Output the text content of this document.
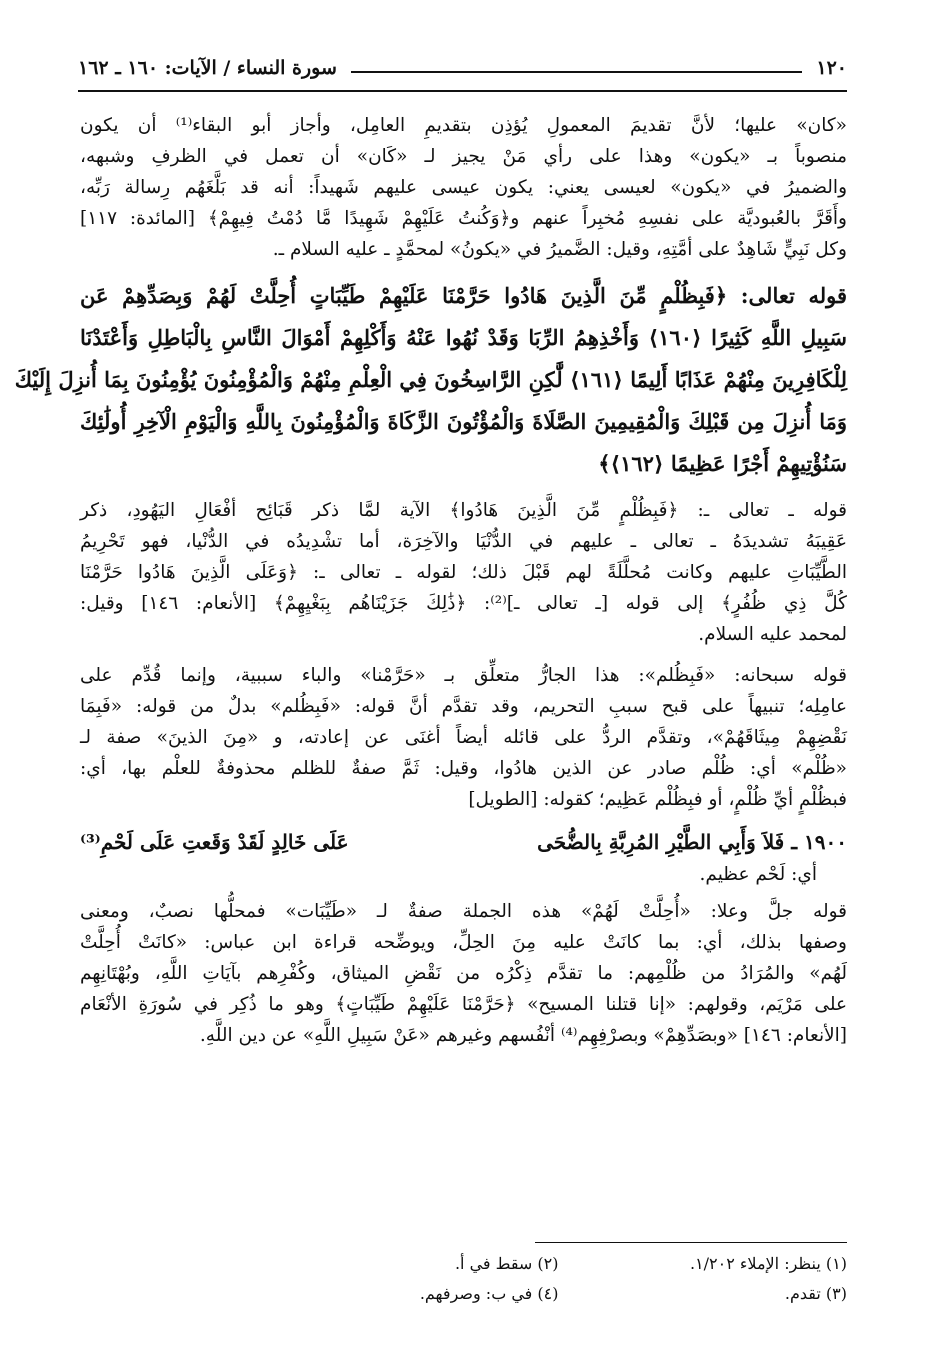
١٢٠
سورة النساء / الآيات: ١٦٠ ـ ١٦٢

«كان» عليها؛ لأنَّ تقديمَ المعمولِ يُؤذِن بتقديمِ العامِل، وأجاز أبو البقاء⁽¹⁾ أن يكون
منصوباً بـ «يكون» وهذا على رأي مَنْ يجيز لـ «كَان» أن تعمل في الظرفِ وشبهه،
والضميرُ في «يكون» لعيسى يعني: يكون عيسى عليهم شَهيداً: أنه قد بَلَّغَهُم رِسالة رَبِّه،
وأَقَرَّ بالعُبوديَّة على نفسِهِ مُخبِراً عنهم و﴿وَكُنتُ عَلَيْهِمْ شَهِيدًا مَّا دُمْتُ فِيهِمْ﴾ [المائدة: ١١٧]
وكل نَبِيٍّ شَاهِدٌ على أمَّتِهِ، وقيل: الضَّميرُ في «يكونُ» لمحمَّدٍ ـ عليه السلام ـ.

قوله تعالى: ﴿فَبِظُلْمٍ مِّنَ الَّذِينَ هَادُوا حَرَّمْنَا عَلَيْهِمْ طَيِّبَاتٍ أُحِلَّتْ لَهُمْ وَبِصَدِّهِمْ عَن
سَبِيلِ اللَّهِ كَثِيرًا ⟨١٦٠⟩ وَأَخْذِهِمُ الرِّبَا وَقَدْ نُهُوا عَنْهُ وَأَكْلِهِمْ أَمْوَالَ النَّاسِ بِالْبَاطِلِ وَأَعْتَدْنَا
لِلْكَافِرِينَ مِنْهُمْ عَذَابًا أَلِيمًا ⟨١٦١⟩ لَّٰكِنِ الرَّاسِخُونَ فِي الْعِلْمِ مِنْهُمْ وَالْمُؤْمِنُونَ يُؤْمِنُونَ بِمَا أُنزِلَ إِلَيْكَ
وَمَا أُنزِلَ مِن قَبْلِكَ وَالْمُقِيمِينَ الصَّلَاةَ وَالْمُؤْتُونَ الزَّكَاةَ وَالْمُؤْمِنُونَ بِاللَّهِ وَالْيَوْمِ الْآخِرِ أُولَٰئِكَ
سَنُؤْتِيهِمْ أَجْرًا عَظِيمًا ⟨١٦٢⟩﴾

قوله ـ تعالى ـ: ﴿فَبِظُلْمٍ مِّنَ الَّذِينَ هَادُوا﴾ الآية لمَّا ذكر قَبَائِح أفْعَالِ اليَهُودِ، ذكر
عَقِيبَهُ تشديدَهُ ـ تعالى ـ عليهم في الدُّنْيَا والآخِرَة، أما تشْدِيدُه في الدُّنْيا، فهو تَحْرِيمُ
الطَّيِّبَاتِ عليهم وكانت مُحلَّلَةً لهم قَبْلَ ذلك؛ لقوله ـ تعالى ـ: ﴿وَعَلَى الَّذِينَ هَادُوا حَرَّمْنَا
كُلَّ ذِي ظُفُرٍ﴾ إلى قوله [ـ تعالى ـ]⁽²⁾: ﴿ذَٰلِكَ جَزَيْنَاهُم بِبَغْيِهِمْ﴾ [الأنعام: ١٤٦] وقيل:
لمحمد عليه السلام.

قوله سبحانه: «فَبِظُلم»: هذا الجارُّ متعلِّق بـ «حَرَّمْنا» والباء سببية، وإنما قُدِّم على
عامِلِه؛ تنبيهاً على قبح سببِ التحريم، وقد تقدَّم أنَّ قوله: «فَبِظُلم» بدلٌ من قوله: «فَبِمَا
نَقْضِهِمْ مِيثَاقَهُمْ»، وتقدَّم الردُّ على قائله أيضاً أغنَى عن إعادته، و «مِنَ الذينَ» صفة لـ
«ظُلْم» أي: ظُلْم صادر عن الذين هادُوا، وقيل: ثَمَّ صفةٌ للظلم محذوفةٌ للعلْم بها، أي:
فبظُلْمٍ أيِّ ظُلْمٍ، أو فبِظُلْم عَظِيم؛ كقوله: [الطويل]

١٩٠٠ ـ فَلاَ وَأَبِي الطَّيْرِ المُرِبَّةِ بِالضُّحَى
عَلَى خَالِدٍ لَقَدْ وَقَعتِ عَلَى لَحْمِ⁽³⁾

أي: لَحْم عظيم.

قوله جلَّ وعلا: «أُحِلَّتْ لَهُمْ» هذه الجملة صفةٌ لـ «طَيِّبَات» فمحلُّها نصبٌ، ومعنى
وصفها بذلك، أي: بما كانَتْ عليه مِنَ الحِلِّ، ويوضِّحه قراءة ابن عباس: «كانَتْ أُحِلَّتْ
لَهُم» والمُرَادُ من ظُلْمِهم: ما تقدَّم ذِكْرُه من نَقْضِ الميثاق، وكُفْرِهم بآيَاتِ اللَّهِ، وبُهْتَانِهِم
على مَرْيَم، وقولهم: «إنا قتلنا المسيح» ﴿حَرَّمْنَا عَلَيْهِمْ طَيِّبَاتٍ﴾ وهو ما ذُكِر في سُورَةِ الأنْعَام
[الأنعام: ١٤٦] «وبصَدِّهِمْ» وبصرْفِهِم⁽⁴⁾ أنْفُسهم وغيرهم «عَنْ سَبِيلِ اللَّهِ» عن دين اللَّهِ.

(١) ينظر: الإملاء ١/٢٠٢.
(٢) سقط في أ.
(٣) تقدم.
(٤) في ب: وصرفهم.
